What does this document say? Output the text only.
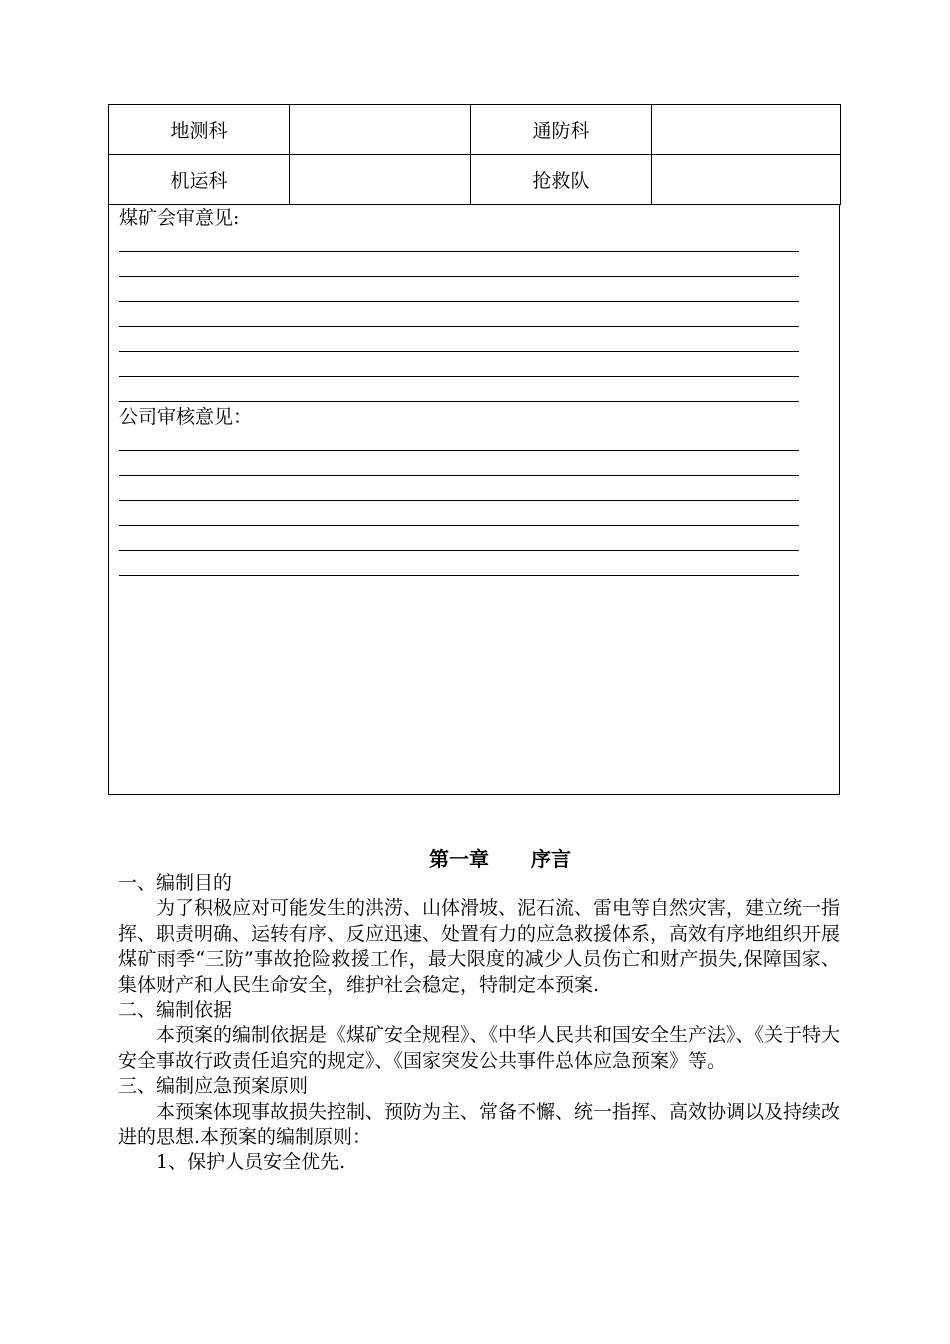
地测科		通防科	
机运科		抢救队	
煤矿会审意见:
公司审核意见：
第一章 序言

一、编制目的

为了积极应对可能发生的洪涝、山体滑坡、泥石流、雷电等自然灾害，建立统一指挥、职责明确、运转有序、反应迅速、处置有力的应急救援体系，高效有序地组织开展煤矿雨季“三防”事故抢险救援工作，最大限度的减少人员伤亡和财产损失,保障国家、集体财产和人民生命安全，维护社会稳定，特制定本预案.

二、编制依据

本预案的编制依据是《煤矿安全规程》、《中华人民共和国安全生产法》、《关于特大安全事故行政责任追究的规定》、《国家突发公共事件总体应急预案》等。

三、编制应急预案原则

本预案体现事故损失控制、预防为主、常备不懈、统一指挥、高效协调以及持续改进的思想.本预案的编制原则：

1、保护人员安全优先.
